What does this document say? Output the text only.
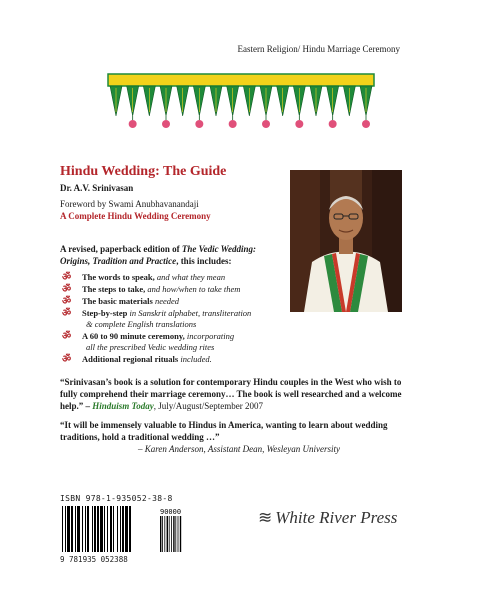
Eastern Religion/ Hindu Marriage Ceremony
Hindu Wedding: The Guide
Dr. A.V. Srinivasan
Foreword by Swami Anubhavanandaji
A Complete Hindu Wedding Ceremony
A revised, paperback edition of The Vedic Wedding: Origins, Tradition and Practice, this includes:
ॐ The words to speak, and what they mean
ॐ The steps to take, and how/when to take them
ॐ The basic materials needed
ॐ Step-by-step in Sanskrit alphabet, transliteration
& complete English translations
ॐ A 60 to 90 minute ceremony, incorporating
all the prescribed Vedic wedding rites
ॐ Additional regional rituals included.
“Srinivasan’s book is a solution for contemporary Hindu couples in the West who wish to fully comprehend their marriage ceremony… The book is well researched and a welcome help.” – Hinduism Today, July/August/September 2007
“It will be immensely valuable to Hindus in America, wanting to learn about wedding traditions, hold a traditional wedding …”
– Karen Anderson, Assistant Dean, Wesleyan University
ISBN 978-1-935052-38-8
90000
9 781935 052388
≋ White River Press
